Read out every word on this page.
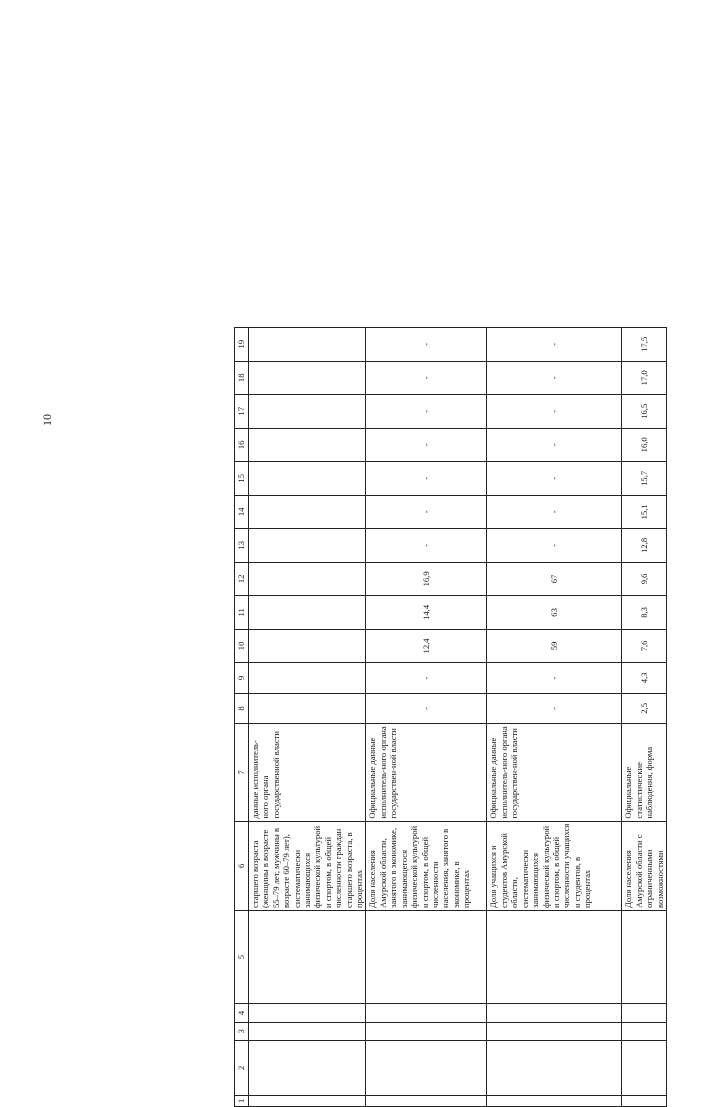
10
1	2	3	4	5	6	7	8	9	10	11	12	13	14	15	16	17	18	19
					старшего возраста (женщины в возрасте 55–79 лет, мужчины в возрасте 60–79 лет), систематически занимающихся физической культурой и спортом, в общей численности граждан старшего возраста, в процентах	данные исполнитель-ного органа государственной власти												
					Доля населения Амурской области, занятого в экономике, занимающегося физической культурой и спортом, в общей численности населения, занятого в экономике, в процентах	Официальные данные исполнитель-ного органа государствен-ной власти	-	-	12,4	14,4	16,9	-	-	-	-	-	-	-
					Доля учащихся и студентов Амурской области, систематически занимающихся физической культурой и спортом, в общей численности учащихся и студентов, в процентах	Официальные данные исполнитель-ного органа государствен-ной власти	-	-	59	63	67	-	-	-	-	-	-	-
					Доля населения Амурской области с ограниченными возможностями	Официальные статистические наблюдения, форма	2,5	4,3	7,6	8,3	9,6	12,8	15,1	15,7	16,0	16,5	17,0	17,5
